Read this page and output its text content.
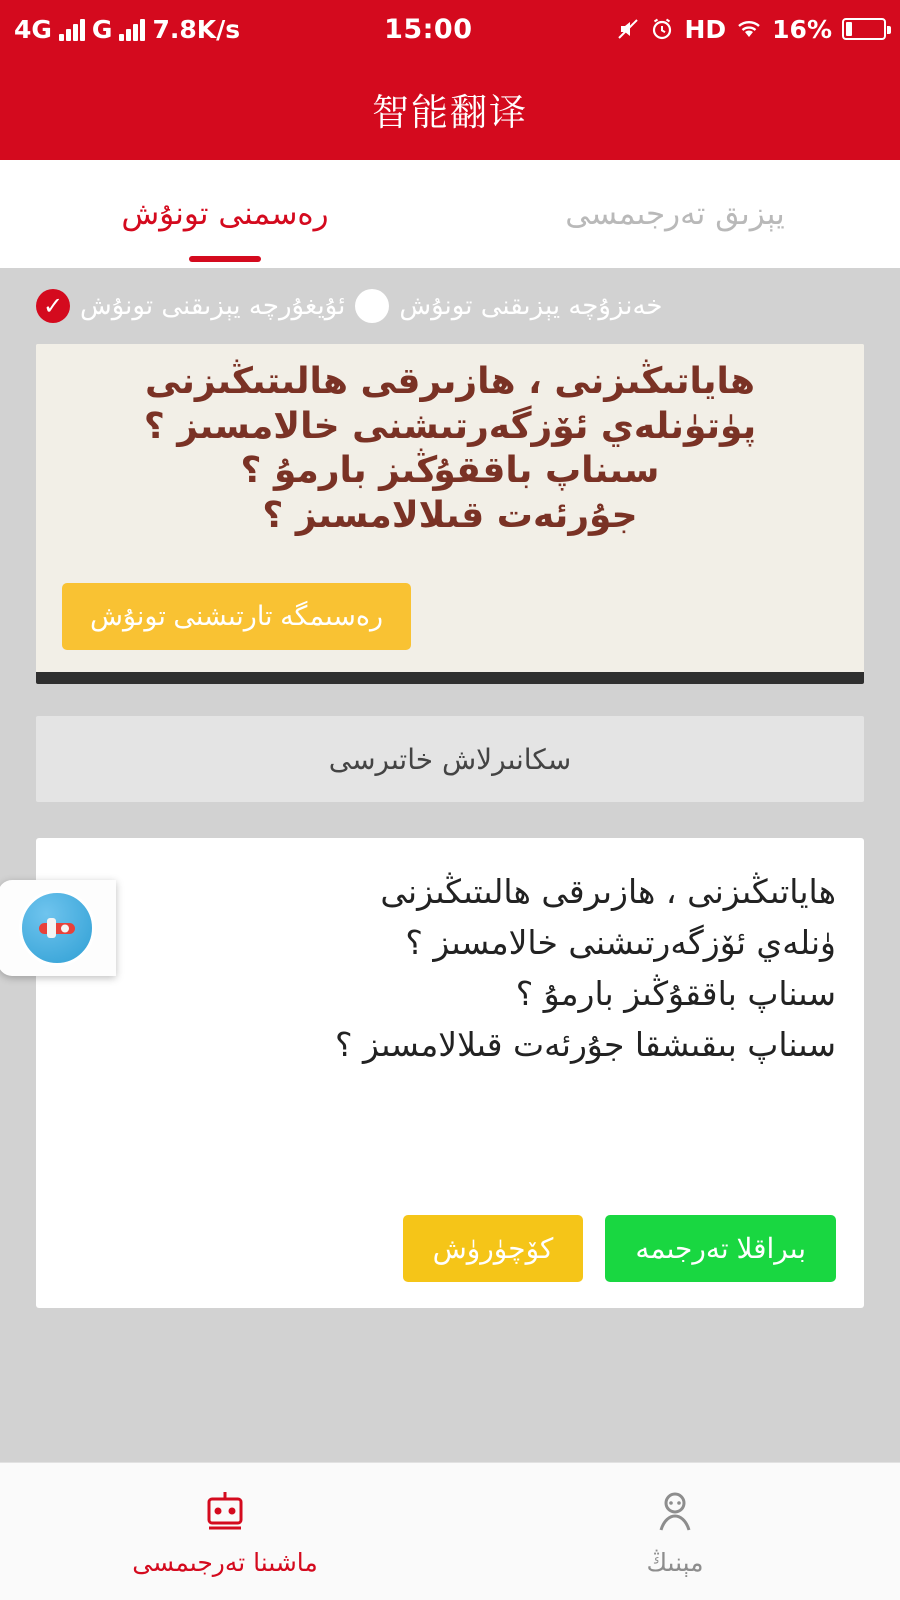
4G G 7.8K/s	15:00	HD 16%
智能翻译
رەسمنى تونۇش	يېزىق تەرجىمسى
✓
ئۇيغۇرچە يېزىقنى تونۇش خەنزۇچە يېزىقنى تونۇش
هاياتىڭىزنى ، هازىرقى هالىتىڭىزنى
پۈتۈنلەي ئۆزگەرتىشنى خالامسىز ؟
سىناپ باققۇڭىز بارمۇ ؟
جۇرئەت قىلالامسىز ؟
رەسىمگە تارتىشنى تونۇش
سكانىرلاش خاتىرسى
هاياتىڭىزنى ، هازىرقى هالىتىڭىزنى
ۈنلەي ئۆزگەرتىشنى خالامسىز ؟
سىناپ باققۇڭىز بارمۇ ؟
سىناپ بىقىشقا جۇرئەت قىلالامسىز ؟
كۆچۈرۈش	بىراقلا تەرجىمە
ماشىنا تەرجىمسى	مېنىڭ
